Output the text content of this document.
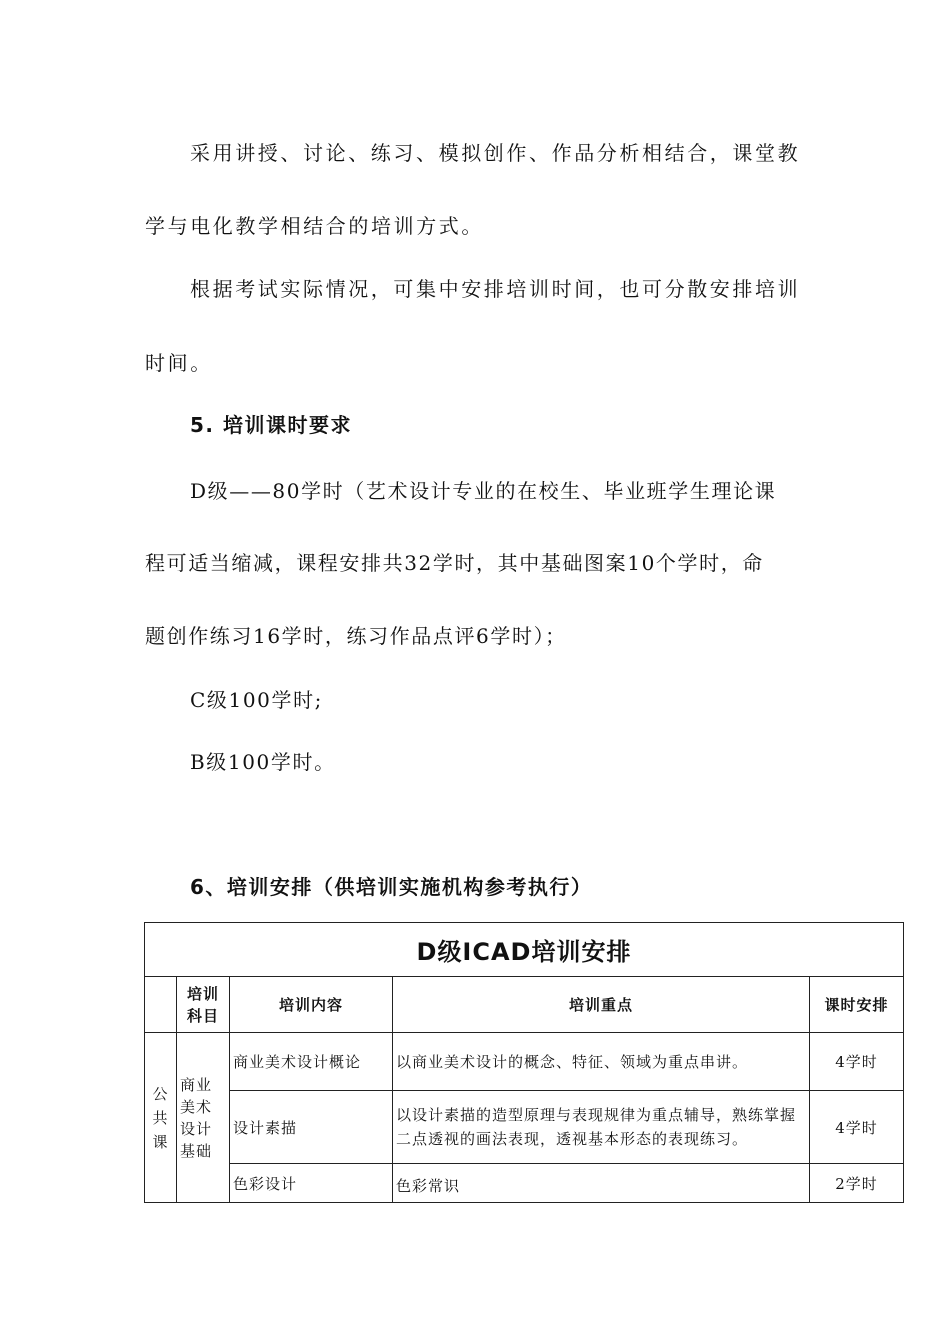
采用讲授、讨论、练习、模拟创作、作品分析相结合，课堂教
学与电化教学相结合的培训方式。
根据考试实际情况，可集中安排培训时间，也可分散安排培训
时间。
5. 培训课时要求
D级——80学时（艺术设计专业的在校生、毕业班学生理论课
程可适当缩减，课程安排共32学时，其中基础图案10个学时，命
题创作练习16学时，练习作品点评6学时）；
C级100学时;
B级100学时。
6、培训安排（供培训实施机构参考执行）
D级ICAD培训安排				
	培训科目	培训内容	培训重点	课时安排
公共课	商业美术设计基础	商业美术设计概论	以商业美术设计的概念、特征、领域为重点串讲。	4学时
		设计素描	以设计素描的造型原理与表现规律为重点辅导，熟练掌握二点透视的画法表现，透视基本形态的表现练习。	4学时
		色彩设计	色彩常识	2学时
